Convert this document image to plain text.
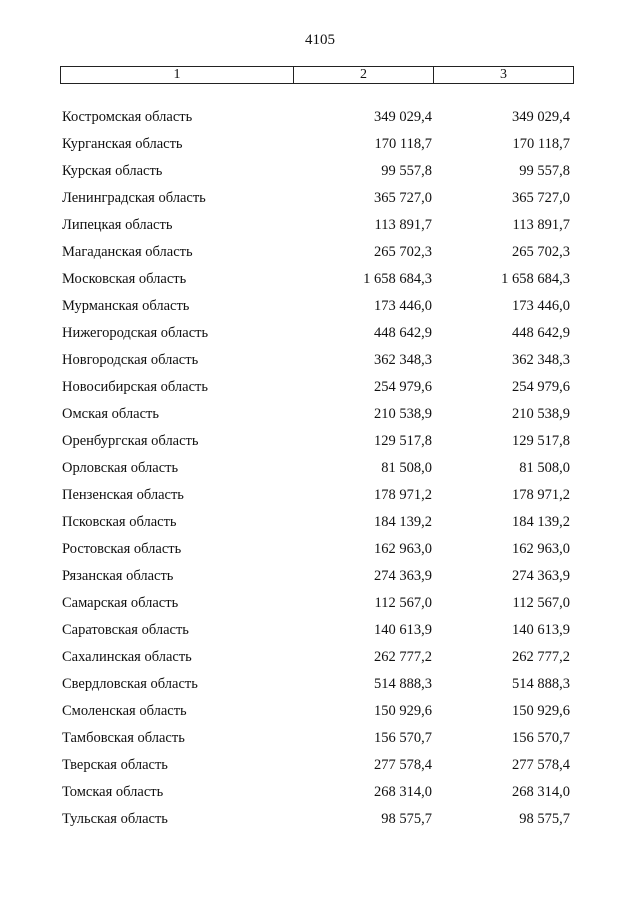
4105
1	2	3
Костромская область	349 029,4	349 029,4
Курганская область	170 118,7	170 118,7
Курская область	99 557,8	99 557,8
Ленинградская область	365 727,0	365 727,0
Липецкая область	113 891,7	113 891,7
Магаданская область	265 702,3	265 702,3
Московская область	1 658 684,3	1 658 684,3
Мурманская область	173 446,0	173 446,0
Нижегородская область	448 642,9	448 642,9
Новгородская область	362 348,3	362 348,3
Новосибирская область	254 979,6	254 979,6
Омская область	210 538,9	210 538,9
Оренбургская область	129 517,8	129 517,8
Орловская область	81 508,0	81 508,0
Пензенская область	178 971,2	178 971,2
Псковская область	184 139,2	184 139,2
Ростовская область	162 963,0	162 963,0
Рязанская область	274 363,9	274 363,9
Самарская область	112 567,0	112 567,0
Саратовская область	140 613,9	140 613,9
Сахалинская область	262 777,2	262 777,2
Свердловская область	514 888,3	514 888,3
Смоленская область	150 929,6	150 929,6
Тамбовская область	156 570,7	156 570,7
Тверская область	277 578,4	277 578,4
Томская область	268 314,0	268 314,0
Тульская область	98 575,7	98 575,7
